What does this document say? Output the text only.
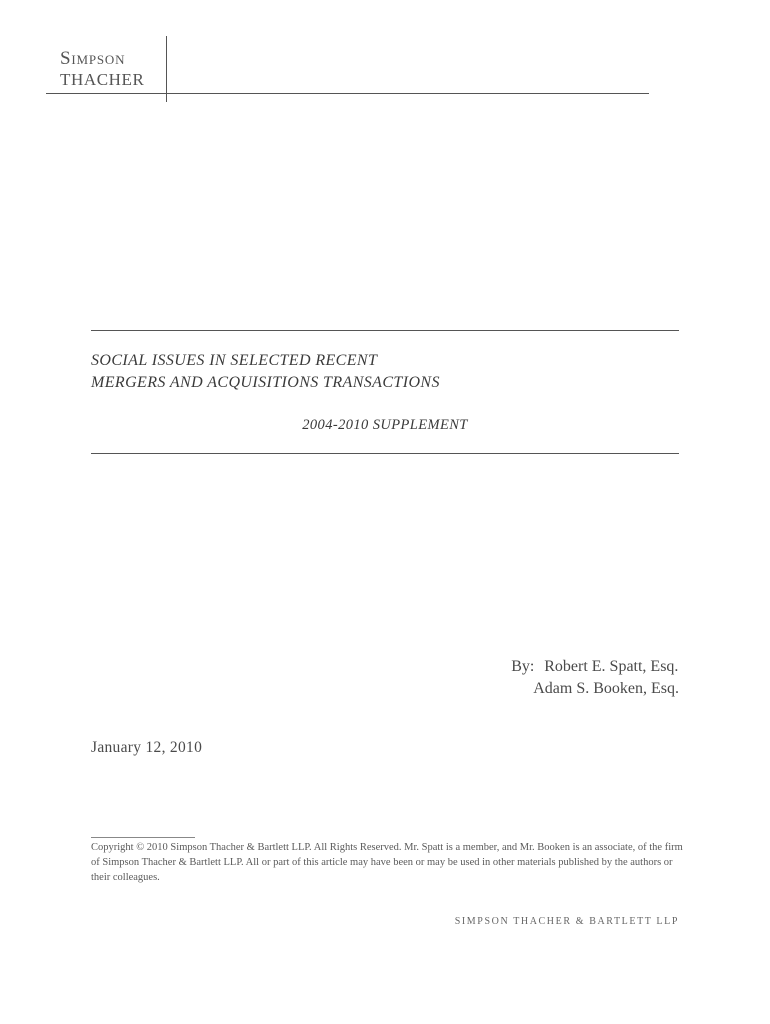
Simpson
THACHER
SOCIAL ISSUES IN SELECTED RECENT
MERGERS AND ACQUISITIONS TRANSACTIONS
2004-2010 SUPPLEMENT
By: Robert E. Spatt, Esq.
Adam S. Booken, Esq.
January 12, 2010
Copyright © 2010 Simpson Thacher & Bartlett LLP. All Rights Reserved. Mr. Spatt is a member, and Mr. Booken is an associate, of the firm of Simpson Thacher & Bartlett LLP. All or part of this article may have been or may be used in other materials published by the authors or their colleagues.
SIMPSON THACHER & BARTLETT LLP
